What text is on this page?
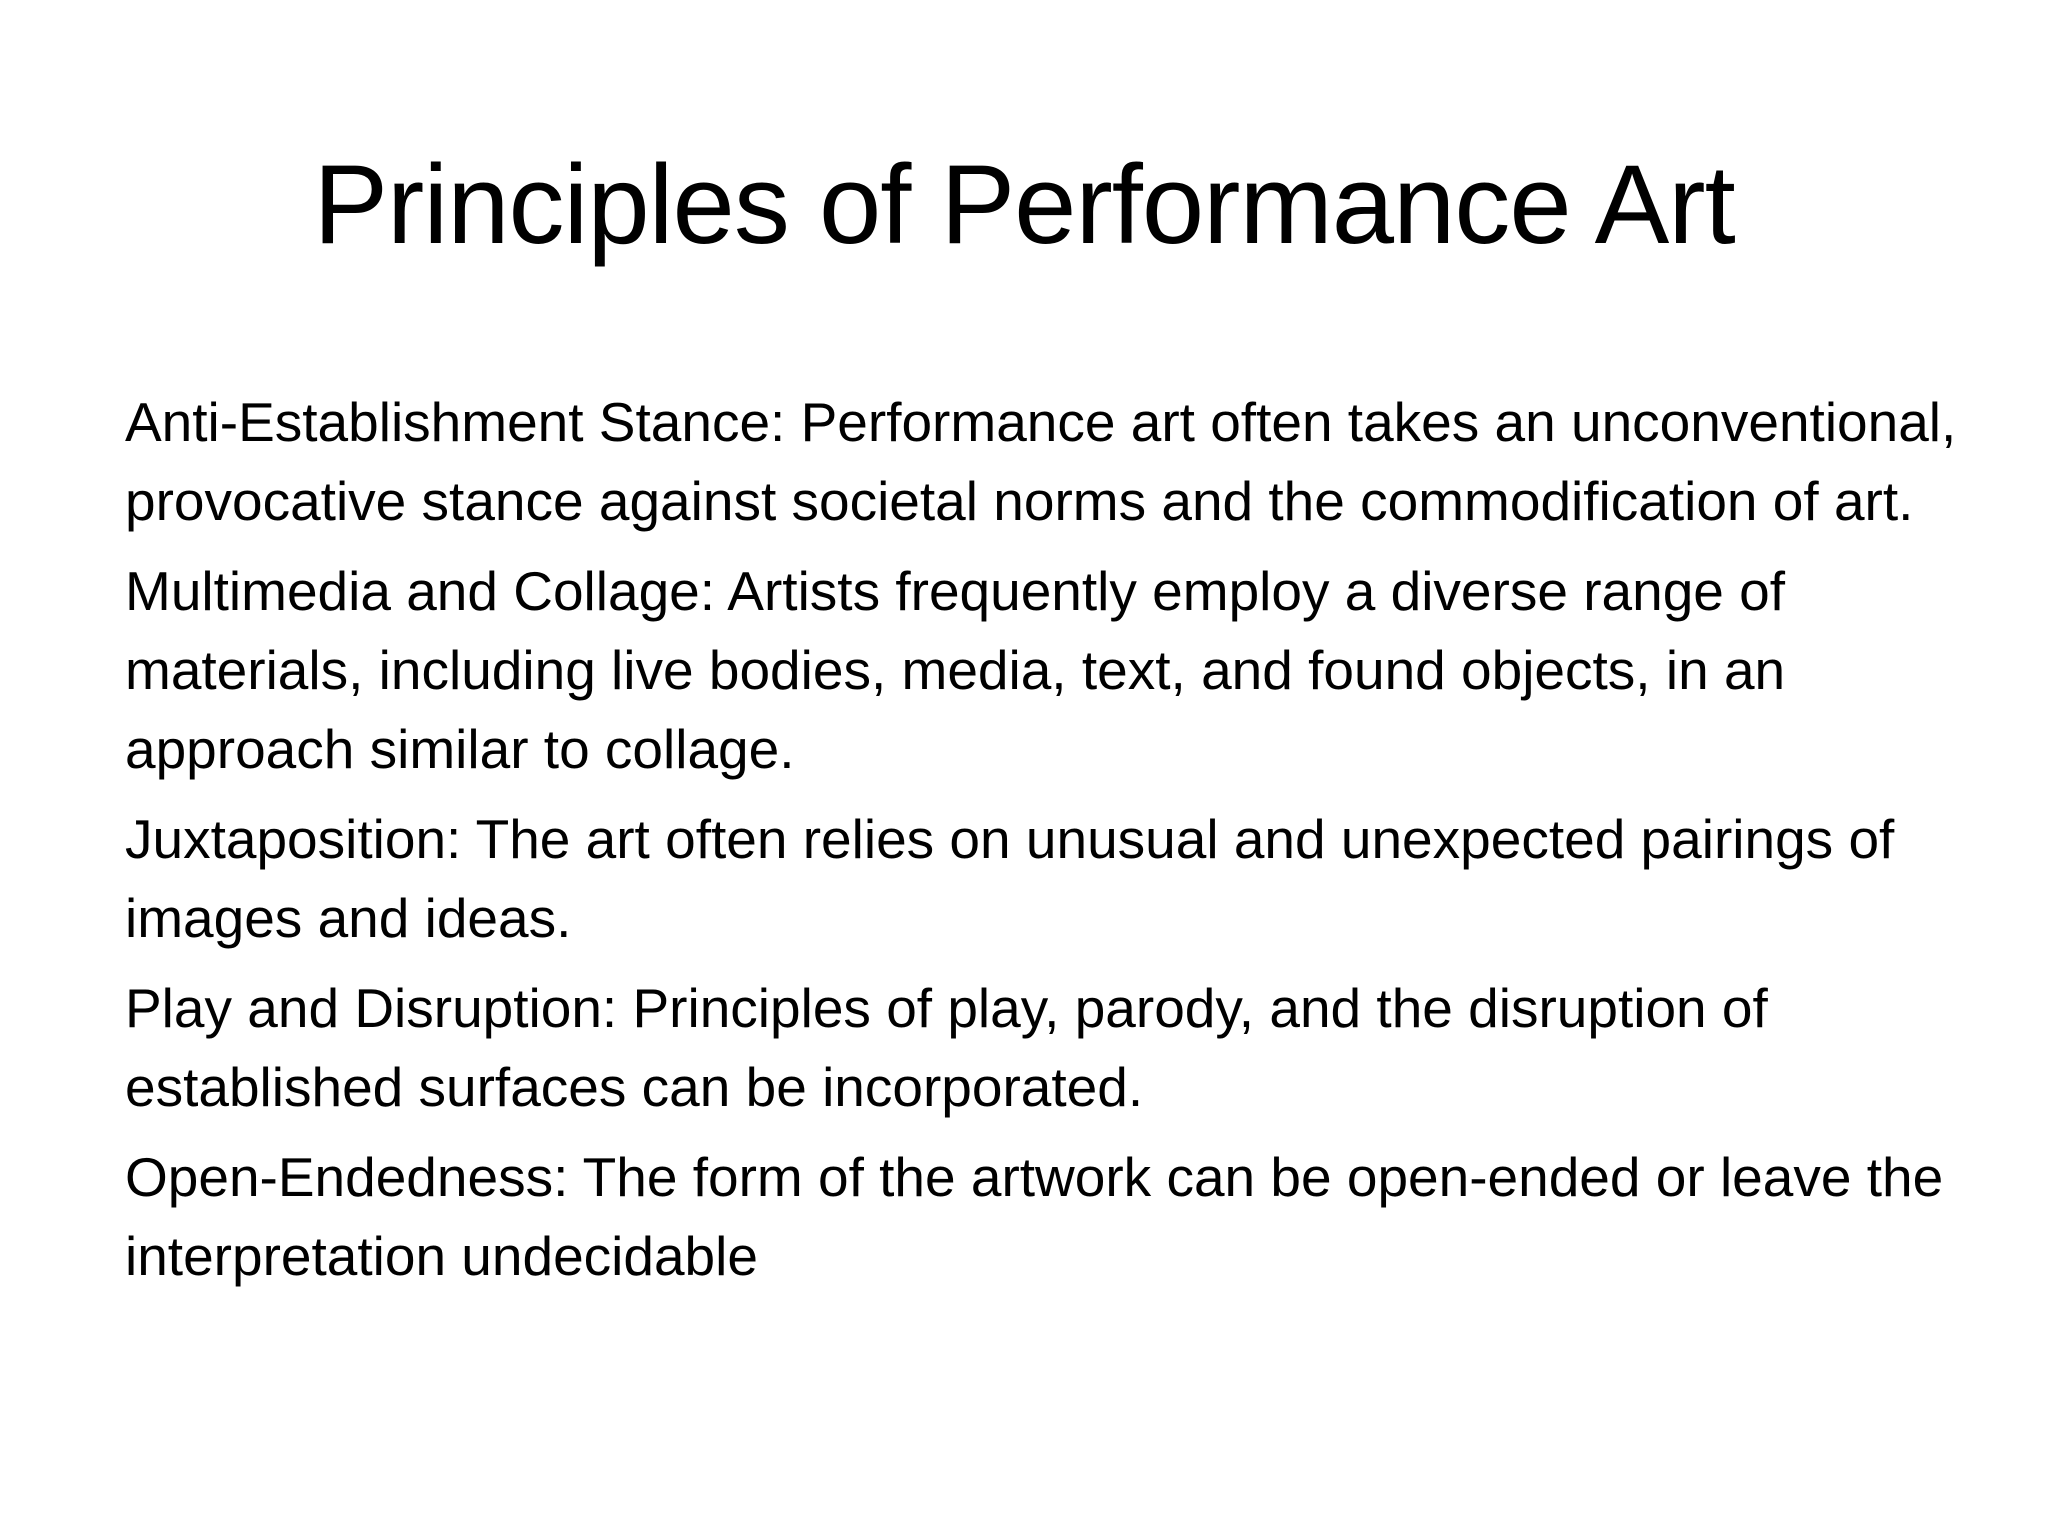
Principles of Performance Art
Anti-Establishment Stance: Performance art often takes an unconventional, provocative stance against societal norms and the commodification of art.
Multimedia and Collage: Artists frequently employ a diverse range of materials, including live bodies, media, text, and found objects, in an approach similar to collage.
Juxtaposition: The art often relies on unusual and unexpected pairings of images and ideas.
Play and Disruption: Principles of play, parody, and the disruption of established surfaces can be incorporated.
Open-Endedness: The form of the artwork can be open-ended or leave the interpretation undecidable
